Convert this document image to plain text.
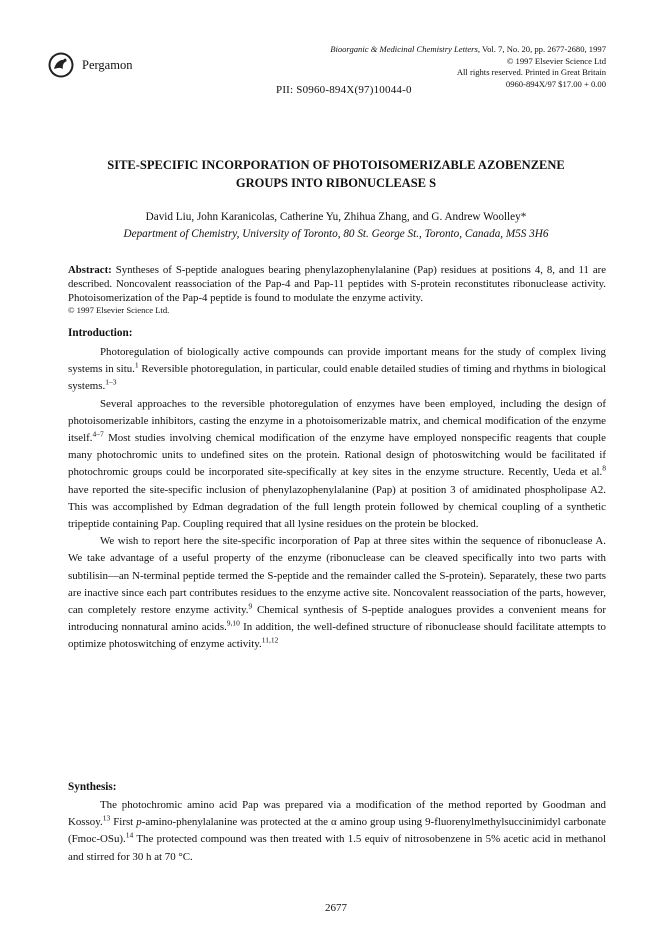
Pergamon
Bioorganic & Medicinal Chemistry Letters, Vol. 7, No. 20, pp. 2677-2680, 1997
© 1997 Elsevier Science Ltd
All rights reserved. Printed in Great Britain
0960-894X/97 $17.00 + 0.00
PII: S0960-894X(97)10044-0
SITE-SPECIFIC INCORPORATION OF PHOTOISOMERIZABLE AZOBENZENE
GROUPS INTO RIBONUCLEASE S
David Liu, John Karanicolas, Catherine Yu, Zhihua Zhang, and G. Andrew Woolley*
Department of Chemistry, University of Toronto, 80 St. George St., Toronto, Canada, M5S 3H6

Abstract: Syntheses of S-peptide analogues bearing phenylazophenylalanine (Pap) residues at positions 4, 8, and 11 are described. Noncovalent reassociation of the Pap-4 and Pap-11 peptides with S-protein reconstitutes ribonuclease activity. Photoisomerization of the Pap-4 peptide is found to modulate the enzyme activity.

© 1997 Elsevier Science Ltd.
Introduction:

Photoregulation of biologically active compounds can provide important means for the study of complex living systems in situ.$^1$ Reversible photoregulation, in particular, could enable detailed studies of timing and rhythms in biological systems.$^{1-3}$

Several approaches to the reversible photoregulation of enzymes have been employed, including the design of photoisomerizable inhibitors, casting the enzyme in a photoisomerizable matrix, and chemical modification of the enzyme itself.$^{4-7}$ Most studies involving chemical modification of the enzyme have employed nonspecific reagents that couple many photochromic units to undefined sites on the protein. Rational design of photoswitching would be facilitated if photochromic groups could be incorporated site-specifically at key sites in the enzyme structure. Recently, Ueda et al.$^8$ have reported the site-specific inclusion of phenylazophenylalanine (Pap) at position 3 of amidinated phospholipase A2. This was accomplished by Edman degradation of the full length protein followed by chemical coupling of a synthetic tripeptide containing Pap. Coupling required that all lysine residues on the protein be blocked.

We wish to report here the site-specific incorporation of Pap at three sites within the sequence of ribonuclease A. We take advantage of a useful property of the enzyme (ribonuclease can be cleaved specifically into two parts with subtilisin—an N-terminal peptide termed the S-peptide and the remainder called the S-protein). Separately, these two parts are inactive since each part contributes residues to the enzyme active site. Noncovalent reassociation of the parts, however, can completely restore enzyme activity.$^9$ Chemical synthesis of S-peptide analogues provides a convenient means for introducing nonnatural amino acids.$^{9,10}$ In addition, the well-defined structure of ribonuclease should facilitate attempts to optimize photoswitching of enzyme activity.$^{11,12}$

Synthesis:

The photochromic amino acid Pap was prepared via a modification of the method reported by Goodman and Kossoy.$^{13}$ First p-amino-phenylalanine was protected at the α amino group using 9-fluorenylmethylsuccinimidyl carbonate (Fmoc-OSu).$^{14}$ The protected compound was then treated with 1.5 equiv of nitrosobenzene in 5% acetic acid in methanol and stirred for 30 h at 70 °C.

2677
